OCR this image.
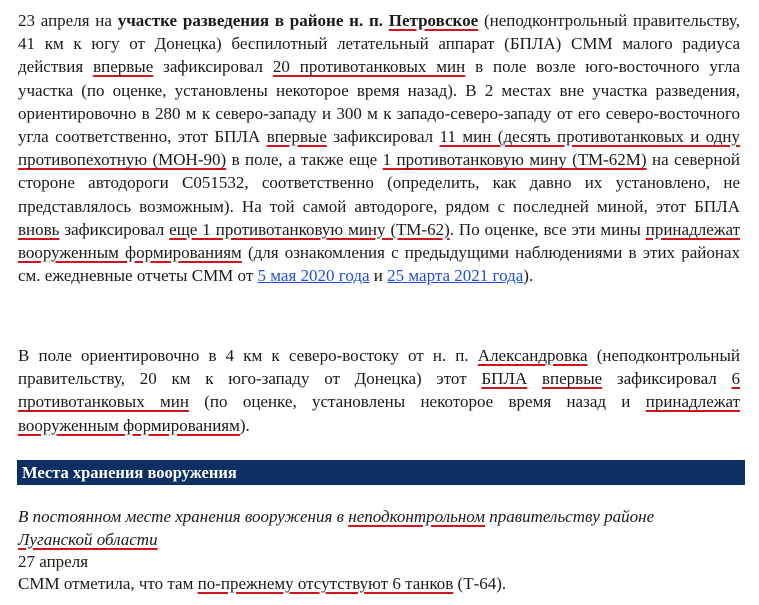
23 апреля на участке разведения в районе н. п. Петровское (неподконтрольный правительству, 41 км к югу от Донецка) беспилотный летательный аппарат (БПЛА) СММ малого радиуса действия впервые зафиксировал 20 противотанковых мин в поле возле юго-восточного угла участка (по оценке, установлены некоторое время назад). В 2 местах вне участка разведения, ориентировочно в 280 м к северо-западу и 300 м к западо-северо-западу от его северо-восточного угла соответственно, этот БПЛА впервые зафиксировал 11 мин (десять противотанковых и одну противопехотную (МОН-90) в поле, а также еще 1 противотанковую мину (ТМ-62М) на северной стороне автодороги C051532, соответственно (определить, как давно их установлено, не представлялось возможным). На той самой автодороге, рядом с последней миной, этот БПЛА вновь зафиксировал еще 1 противотанковую мину (ТМ-62). По оценке, все эти мины принадлежат вооруженным формированиям (для ознакомления с предыдущими наблюдениями в этих районах см. ежедневные отчеты СММ от 5 мая 2020 года и 25 марта 2021 года).
В поле ориентировочно в 4 км к северо-востоку от н. п. Александровка (неподконтрольный правительству, 20 км к юго-западу от Донецка) этот БПЛА впервые зафиксировал 6 противотанковых мин (по оценке, установлены некоторое время назад и принадлежат вооруженным формированиям).
Места хранения вооружения
В постоянном месте хранения вооружения в неподконтрольном правительству районе
Луганской области
27 апреля
СММ отметила, что там по-прежнему отсутствуют 6 танков (Т-64).
